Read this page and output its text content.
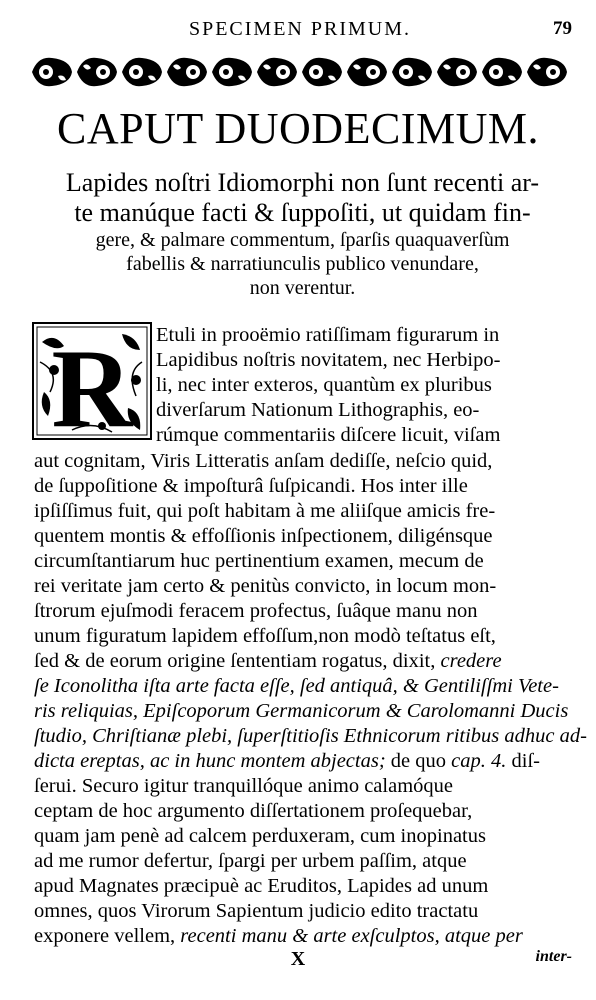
SPECIMEN PRIMUM.	79
CAPUT DUODECIMUM.
Lapides noſtri Idiomorphi non ſunt recenti ar-
te manúque facti & ſuppoſiti, ut quidam fin-
gere, & palmare commentum, ſparſis quaquaverſùm
fabellis & narratiunculis publico venundare,
non verentur.
R Etuli in prooëmio ratiſſimam figurarum in
Lapidibus noſtris novitatem, nec Herbipo-
li, nec inter exteros, quantùm ex pluribus
diverſarum Nationum Lithographis, eo-
rúmque commentariis diſcere licuit, viſam
aut cognitam, Viris Litteratis anſam dediſſe, neſcio quid,
de ſuppoſitione & impoſturâ ſuſpicandi. Hos inter ille
ipſiſſimus fuit, qui poſt habitam à me aliiſque amicis fre-
quentem montis & effoſſionis inſpectionem, diligénsque
circumſtantiarum huc pertinentium examen, mecum de
rei veritate jam certo & penitùs convicto, in locum mon-
ſtrorum ejuſmodi feracem profectus, ſuâque manu non
unum figuratum lapidem effoſſum,non modò teſtatus eſt,
ſed & de eorum origine ſententiam rogatus, dixit, credere
ſe Iconolitha iſta arte facta eſſe, ſed antiquâ, & Gentiliſſmi Vete-
ris reliquias, Epiſcoporum Germanicorum & Carolomanni Ducis
ſtudio, Chriſtianæ plebi, ſuperſtitioſis Ethnicorum ritibus adhuc ad-
dicta ereptas, ac in hunc montem abjectas; de quo cap. 4. diſ-
ſerui. Securo igitur tranquillóque animo calamóque
ceptam de hoc argumento diſſertationem proſequebar,
quam jam penè ad calcem perduxeram, cum inopinatus
ad me rumor defertur, ſpargi per urbem paſſim, atque
apud Magnates præcipuè ac Eruditos, Lapides ad unum
omnes, quos Virorum Sapientum judicio edito tractatu
exponere vellem, recenti manu & arte exſculptos, atque per
X	inter-
